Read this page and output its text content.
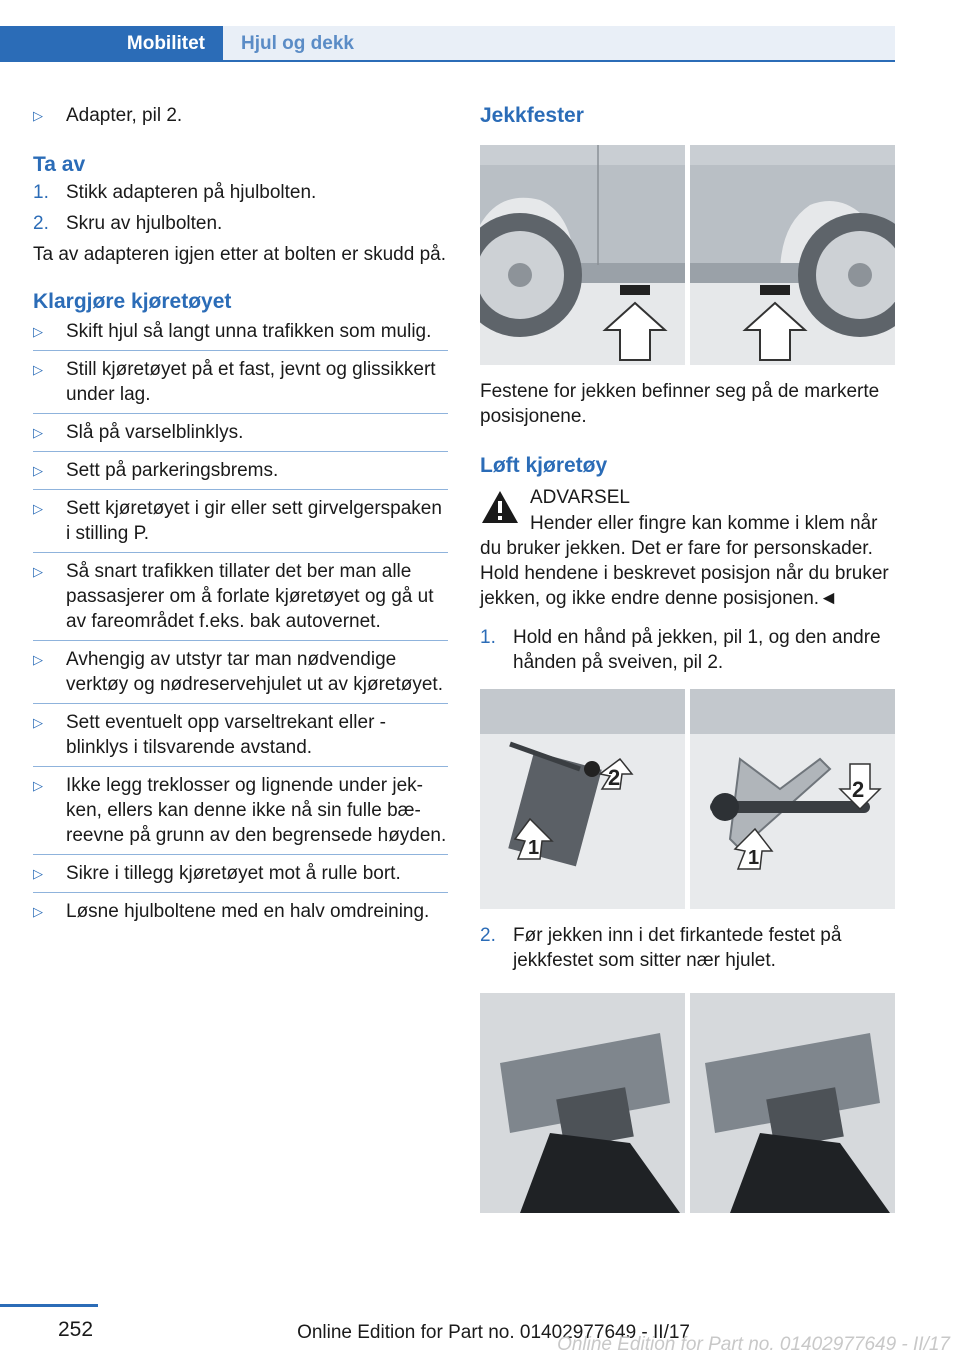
Mobilitet Hjul og dekk
▷ Adapter, pil 2.
Ta av
1. Stikk adapteren på hjulbolten.
2. Skru av hjulbolten.

Ta av adapteren igjen etter at bolten er skudd på.

Klargjøre kjøretøyet
▷ Skift hjul så langt unna trafikken som mulig.
▷ Still kjøretøyet på et fast, jevnt og glissikkert under lag.
▷ Slå på varselblinklys.
▷ Sett på parkeringsbrems.
▷ Sett kjøretøyet i gir eller sett girvelgerspaken i stilling P.
▷ Så snart trafikken tillater det ber man alle passasjerer om å forlate kjøretøyet og gå ut av fareområdet f.eks. bak autovernet.
▷ Avhengig av utstyr tar man nødvendige verktøy og nødreservehjulet ut av kjøretøyet.
▷ Sett eventuelt opp varseltrekant eller -blinklys i tilsvarende avstand.
▷ Ikke legg treklosser og lignende under jekken, ellers kan denne ikke nå sin fulle bæreevne på grunn av den begrensede høyden.
▷ Sikre i tillegg kjøretøyet mot å rulle bort.
▷ Løsne hjulboltene med en halv omdreining.
Jekkfester

Festene for jekken befinner seg på de markerte posisjonene.

Løft kjøretøy
ADVARSEL

Hender eller fingre kan komme i klem når du bruker jekken. Det er fare for personskader. Hold hendene i beskrevet posisjon når du bruker jekken, og ikke endre denne posisjonen.◄

1. Hold en hånd på jekken, pil 1, og den andre hånden på sveiven, pil 2.
2
1
2
1
2. Før jekken inn i det firkantede festet på jekkfestet som sitter nær hjulet.
252	Online Edition for Part no. 01402977649 - II/17
Online Edition for Part no. 01402977649 - II/17
